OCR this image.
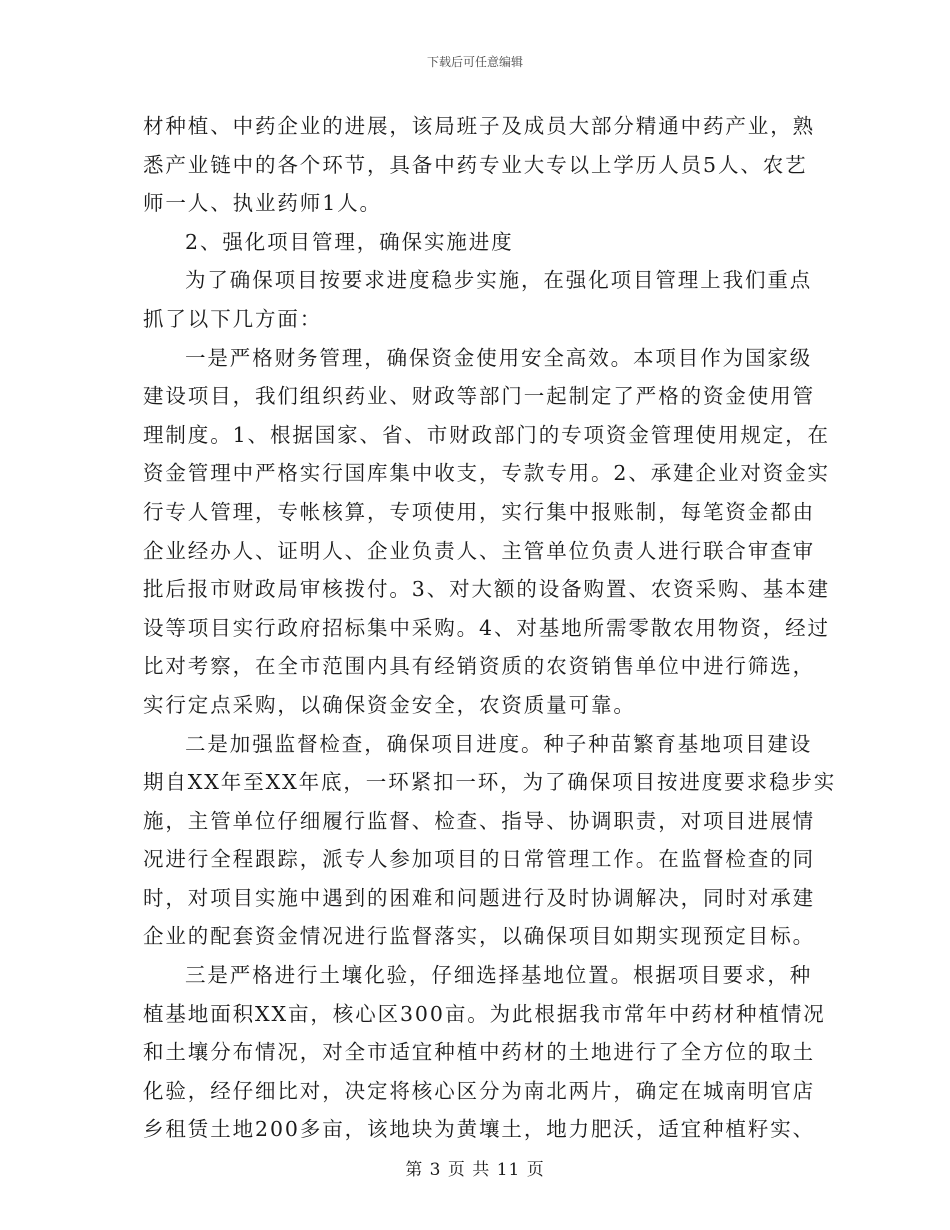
下载后可任意编辑
材种植、中药企业的进展，该局班子及成员大部分精通中药产业，熟
悉产业链中的各个环节，具备中药专业大专以上学历人员5人、农艺
师一人、执业药师1人。
2、强化项目管理，确保实施进度
为了确保项目按要求进度稳步实施，在强化项目管理上我们重点
抓了以下几方面：
一是严格财务管理，确保资金使用安全高效。本项目作为国家级
建设项目，我们组织药业、财政等部门一起制定了严格的资金使用管
理制度。1、根据国家、省、市财政部门的专项资金管理使用规定，在
资金管理中严格实行国库集中收支，专款专用。2、承建企业对资金实
行专人管理，专帐核算，专项使用，实行集中报账制，每笔资金都由
企业经办人、证明人、企业负责人、主管单位负责人进行联合审查审
批后报市财政局审核拨付。3、对大额的设备购置、农资采购、基本建
设等项目实行政府招标集中采购。4、对基地所需零散农用物资，经过
比对考察，在全市范围内具有经销资质的农资销售单位中进行筛选，
实行定点采购，以确保资金安全，农资质量可靠。
二是加强监督检查，确保项目进度。种子种苗繁育基地项目建设
期自XX年至XX年底，一环紧扣一环，为了确保项目按进度要求稳步实
施，主管单位仔细履行监督、检查、指导、协调职责，对项目进展情
况进行全程跟踪，派专人参加项目的日常管理工作。在监督检查的同
时，对项目实施中遇到的困难和问题进行及时协调解决，同时对承建
企业的配套资金情况进行监督落实，以确保项目如期实现预定目标。
三是严格进行土壤化验，仔细选择基地位置。根据项目要求，种
植基地面积XX亩，核心区300亩。为此根据我市常年中药材种植情况
和土壤分布情况，对全市适宜种植中药材的土地进行了全方位的取土
化验，经仔细比对，决定将核心区分为南北两片，确定在城南明官店
乡租赁土地200多亩，该地块为黄壤土，地力肥沃，适宜种植籽实、
第 3 页 共 11 页
